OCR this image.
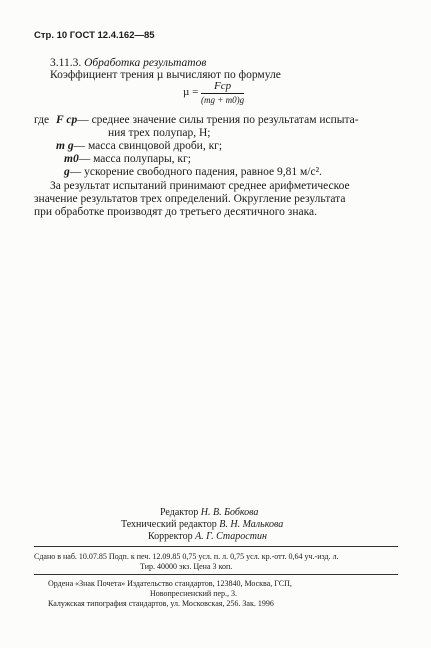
Стр. 10 ГОСТ 12.4.162—85
3.11.3. Обработка результатов
Коэффициент трения µ вычисляют по формуле
$\mu = \frac{\text{Fср}}{(mg + m0)g}$
где F ср— среднее значение силы трения по результатам испыта-
ния трех полупар, Н;
m g— масса свинцовой дроби, кг;
m0— масса полупары, кг;
g— ускорение свободного падения, равное 9,81 м/с².
За результат испытаний принимают среднее арифметическое
значение результатов трех определений. Округление результата
при обработке производят до третьего десятичного знака.
Редактор Н. В. Бобкова
Технический редактор В. Н. Малькова
Корректор А. Г. Старостин
Сдано в наб. 10.07.85 Подп. к печ. 12.09.85 0,75 усл. п. л. 0,75 усл. кр.-отт. 0,64 уч.-изд. л.
Тир. 40000 экз. Цена 3 коп.
Ордена «Знак Почета» Издательство стандартов, 123840, Москва, ГСП,
Новопресненский пер., 3.
Калужская типография стандартов, ул. Московская, 256. Зак. 1996
